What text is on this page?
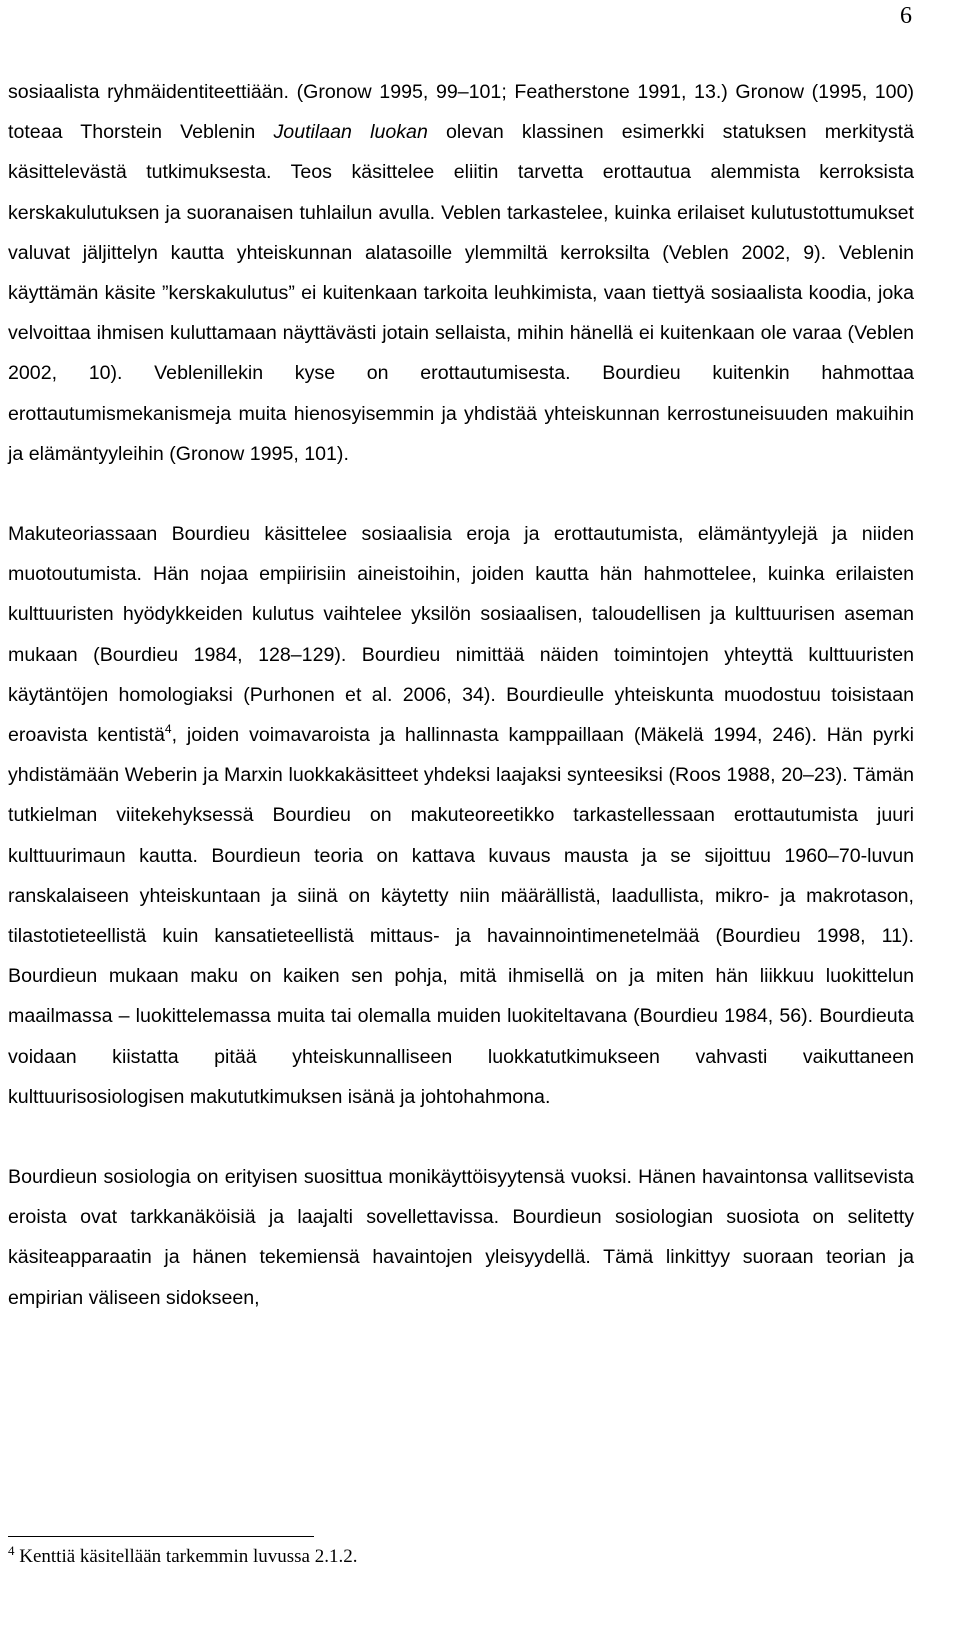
6

sosiaalista ryhmäidentiteettiään. (Gronow 1995, 99–101; Featherstone 1991, 13.) Gronow (1995, 100) toteaa Thorstein Veblenin Joutilaan luokan olevan klassinen esimerkki statuksen merkitystä käsittelevästä tutkimuksesta. Teos käsittelee eliitin tarvetta erottautua alemmista kerroksista kerskakulutuksen ja suoranaisen tuhlailun avulla. Veblen tarkastelee, kuinka erilaiset kulutustottumukset valuvat jäljittelyn kautta yhteiskunnan alatasoille ylemmiltä kerroksilta (Veblen 2002, 9). Veblenin käyttämän käsite ”kerskakulutus” ei kuitenkaan tarkoita leuhkimista, vaan tiettyä sosiaalista koodia, joka velvoittaa ihmisen kuluttamaan näyttävästi jotain sellaista, mihin hänellä ei kuitenkaan ole varaa (Veblen 2002, 10). Veblenillekin kyse on erottautumisesta. Bourdieu kuitenkin hahmottaa erottautumismekanismeja muita hienosyisemmin ja yhdistää yhteiskunnan kerrostuneisuuden makuihin ja elämäntyyleihin (Gronow 1995, 101).

Makuteoriassaan Bourdieu käsittelee sosiaalisia eroja ja erottautumista, elämäntyylejä ja niiden muotoutumista. Hän nojaa empiirisiin aineistoihin, joiden kautta hän hahmottelee, kuinka erilaisten kulttuuristen hyödykkeiden kulutus vaihtelee yksilön sosiaalisen, taloudellisen ja kulttuurisen aseman mukaan (Bourdieu 1984, 128–129). Bourdieu nimittää näiden toimintojen yhteyttä kulttuuristen käytäntöjen homologiaksi (Purhonen et al. 2006, 34). Bourdieulle yhteiskunta muodostuu toisistaan eroavista kentistä$^4$, joiden voimavaroista ja hallinnasta kamppaillaan (Mäkelä 1994, 246). Hän pyrki yhdistämään Weberin ja Marxin luokkakäsitteet yhdeksi laajaksi synteesiksi (Roos 1988, 20–23). Tämän tutkielman viitekehyksessä Bourdieu on makuteoreetikko tarkastellessaan erottautumista juuri kulttuurimaun kautta. Bourdieun teoria on kattava kuvaus mausta ja se sijoittuu 1960–70-luvun ranskalaiseen yhteiskuntaan ja siinä on käytetty niin määrällistä, laadullista, mikro- ja makrotason, tilastotieteellistä kuin kansatieteellistä mittaus- ja havainnointimenetelmää (Bourdieu 1998, 11). Bourdieun mukaan maku on kaiken sen pohja, mitä ihmisellä on ja miten hän liikkuu luokittelun maailmassa – luokittelemassa muita tai olemalla muiden luokiteltavana (Bourdieu 1984, 56). Bourdieuta voidaan kiistatta pitää yhteiskunnalliseen luokkatutkimukseen vahvasti vaikuttaneen kulttuurisosiologisen makututkimuksen isänä ja johtohahmona.

Bourdieun sosiologia on erityisen suosittua monikäyttöisyytensä vuoksi. Hänen havaintonsa vallitsevista eroista ovat tarkkanäköisiä ja laajalti sovellettavissa. Bourdieun sosiologian suosiota on selitetty käsiteapparaatin ja hänen tekemiensä havaintojen yleisyydellä. Tämä linkittyy suoraan teorian ja empirian väliseen sidokseen,

$^4$ Kenttiä käsitellään tarkemmin luvussa 2.1.2.
